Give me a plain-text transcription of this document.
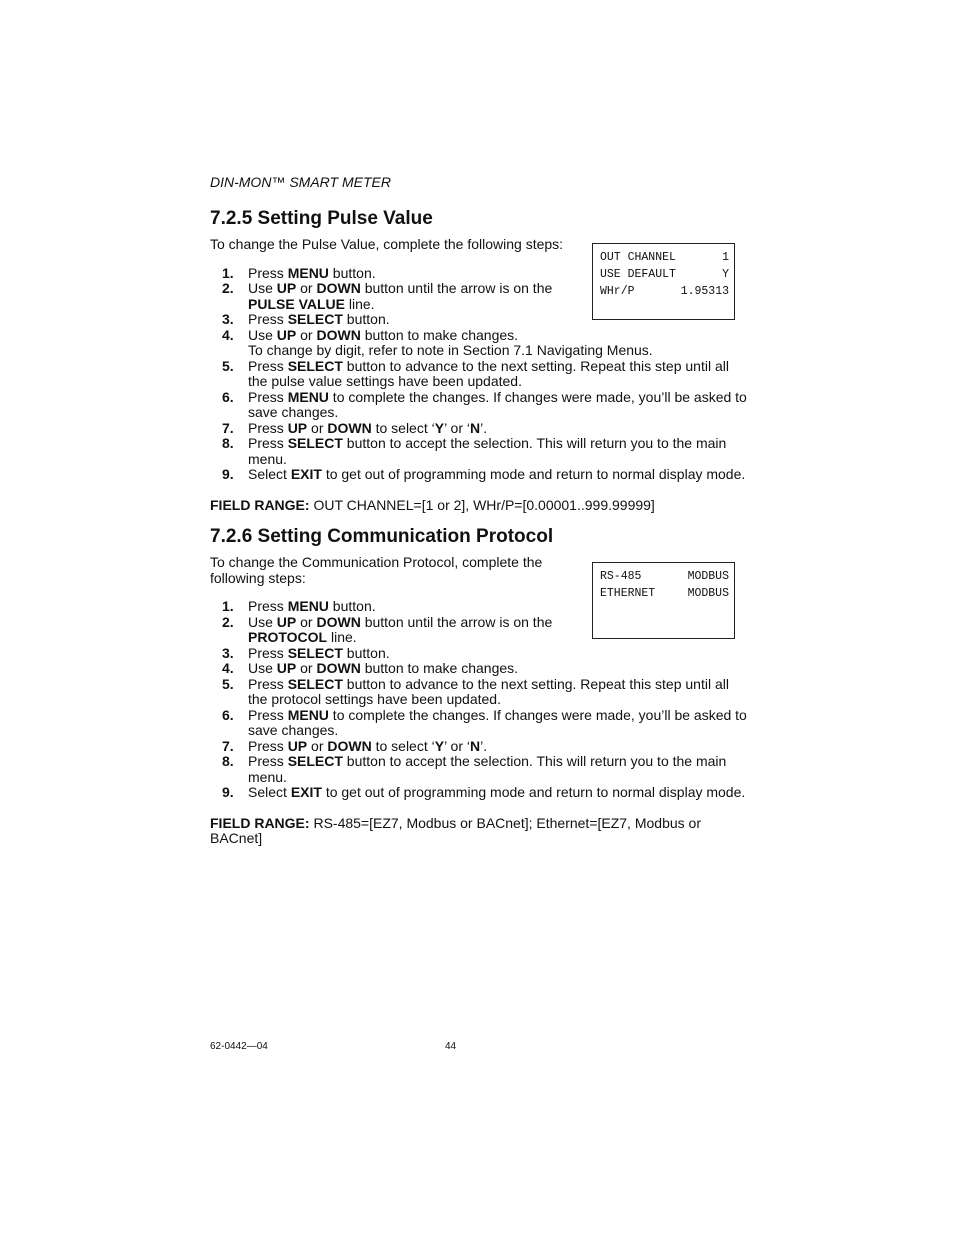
DIN-MON™ SMART METER
7.2.5 Setting Pulse Value

To change the Pulse Value, complete the following steps:

1. Press MENU button.
2. Use UP or DOWN button until the arrow is on the PULSE VALUE line.
3. Press SELECT button.
4. Use UP or DOWN button to make changes.
To change by digit, refer to note in Section 7.1 Navigating Menus.
5. Press SELECT button to advance to the next setting. Repeat this step until all the pulse value settings have been updated.
6. Press MENU to complete the changes. If changes were made, you’ll be asked to save changes.
7. Press UP or DOWN to select ‘Y’ or ‘N’.
8. Press SELECT button to accept the selection. This will return you to the main menu.
9. Select EXIT to get out of programming mode and return to normal display mode.
FIELD RANGE: OUT CHANNEL=[1 or 2], WHr/P=[0.00001..999.99999]
OUT CHANNEL	1
USE DEFAULT	Y
WHr/P	1.95313
7.2.6 Setting Communication Protocol

To change the Communication Protocol, complete the following steps:

1. Press MENU button.
2. Use UP or DOWN button until the arrow is on the PROTOCOL line.
3. Press SELECT button.
4. Use UP or DOWN button to make changes.
5. Press SELECT button to advance to the next setting. Repeat this step until all the protocol settings have been updated.
6. Press MENU to complete the changes. If changes were made, you’ll be asked to save changes.
7. Press UP or DOWN to select ‘Y’ or ‘N’.
8. Press SELECT button to accept the selection. This will return you to the main menu.
9. Select EXIT to get out of programming mode and return to normal display mode.
FIELD RANGE: RS-485=[EZ7, Modbus or BACnet]; Ethernet=[EZ7, Modbus or BACnet]
RS-485	MODBUS
ETHERNET	MODBUS
62-0442—04	44
